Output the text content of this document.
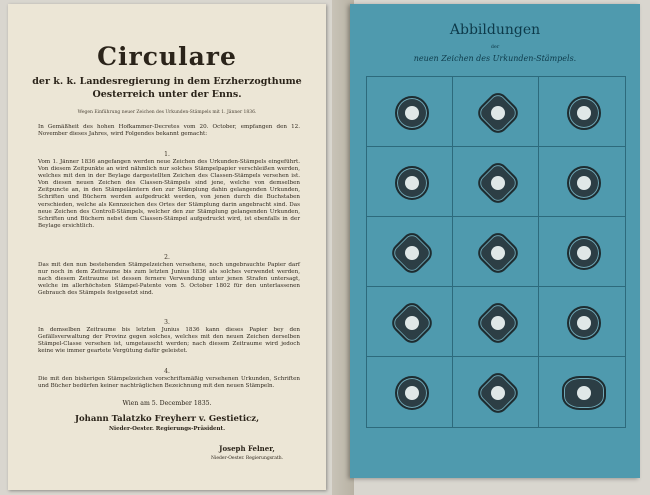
Circulare
der k. k. Landesregierung in dem Erzherzogthume
Oesterreich unter der Enns.
Wegen Einführung neuer Zeichen des Urkunden-Stämpels mit 1. Jänner 1836.
In Gemäßheit des hohen Hofkammer-Decretes vom 20. October, empfangen den 12. November dieses Jahres, wird Folgendes bekannt gemacht:
1.
Vom 1. Jänner 1836 angefangen werden neue Zeichen des Urkunden-Stämpels eingeführt. Von diesem Zeitpunkte an wird nähmlich nur solches Stämpelpapier verschleißen werden, welches mit den in der Beylage dargestellten Zeichen des Classen-Stämpels versehen ist. Von diesen neuen Zeichen des Classen-Stämpels sind jene, welche von demselben Zeitpuncte an, in den Stämpelämtern den zur Stämplung dahin gelangenden Urkunden, Schriften und Büchern werden aufgedruckt werden, von jenen durch die Buchstaben verschieden, welche als Kennzeichen des Ortes der Stämplung darin angebracht sind. Das neue Zeichen des Controll-Stämpels, welcher den zur Stämplung gelangenden Urkunden, Schriften und Büchern nebst dem Classen-Stämpel aufgedruckt wird, ist ebenfalls in der Beylage ersichtlich.
2.
Das mit den nun bestehenden Stämpelzeichen versehene, noch ungebrauchte Papier darf nur noch in dem Zeitraume bis zum letzten Junius 1836 als solches verwendet werden, nach diesem Zeitraume ist dessen fernere Verwendung unter jenen Strafen untersagt, welche im allerhöchsten Stämpel-Patente vom 5. October 1802 für den unterlassenen Gebrauch des Stämpels festgesetzt sind.
3.
In demselben Zeitraume bis letzten Junius 1836 kann dieses Papier bey den Gefällsverwaltung der Provinz gegen solches, welches mit den neuen Zeichen derselben Stämpel-Classe versehen ist, umgetauscht werden; nach diesem Zeitraume wird jedoch keine wie immer geartete Vergütung dafür geleistet.
4.
Die mit den bisherigen Stämpelzeichen vorschriftsmäßig versehenen Urkunden, Schriften und Bücher bedürfen keiner nachträglichen Bezeichnung mit den neuen Stämpeln.
Wien am 5. December 1835.
Johann Talatzko Freyherr v. Gestieticz,
Nieder-Oester. Regierungs-Präsident.
Joseph Felner,
Nieder-Oester. Regierungsrath.
Abbildungen
der
neuen Zeichen des Urkunden-Stämpels.
